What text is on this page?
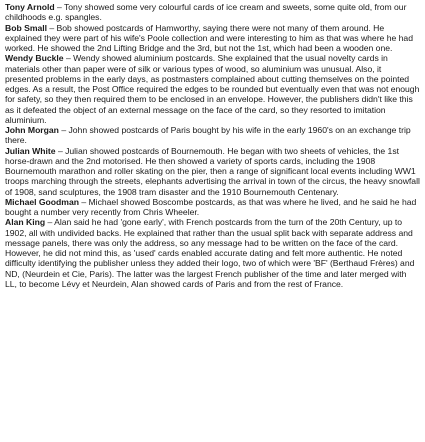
Tony Arnold – Tony showed some very colourful cards of ice cream and sweets, some quite old, from our childhoods e.g. spangles.

Bob Small – Bob showed postcards of Hamworthy, saying there were not many of them around. He explained they were part of his wife's Poole collection and were interesting to him as that was where he had worked. He showed the 2nd Lifting Bridge and the 3rd, but not the 1st, which had been a wooden one.

Wendy Buckle – Wendy showed aluminium postcards. She explained that the usual novelty cards in materials other than paper were of silk or various types of wood, so aluminium was unusual. Also, it presented problems in the early days, as postmasters complained about cutting themselves on the pointed edges. As a result, the Post Office required the edges to be rounded but eventually even that was not enough for safety, so they then required them to be enclosed in an envelope. However, the publishers didn't like this as it defeated the object of an external message on the face of the card, so they resorted to imitation aluminium.

John Morgan – John showed postcards of Paris bought by his wife in the early 1960's on an exchange trip there.

Julian White – Julian showed postcards of Bournemouth. He began with two sheets of vehicles, the 1st horse-drawn and the 2nd motorised. He then showed a variety of sports cards, including the 1908 Bournemouth marathon and roller skating on the pier, then a range of significant local events including WW1 troops marching through the streets, elephants advertising the arrival in town of the circus, the heavy snowfall of 1908, sand sculptures, the 1908 tram disaster and the 1910 Bournemouth Centenary.

Michael Goodman – Michael showed Boscombe postcards, as that was where he lived, and he said he had bought a number very recently from Chris Wheeler.

Alan King – Alan said he had 'gone early', with French postcards from the turn of the 20th Century, up to 1902, all with undivided backs. He explained that rather than the usual split back with separate address and message panels, there was only the address, so any message had to be written on the face of the card. However, he did not mind this, as 'used' cards enabled accurate dating and felt more authentic. He noted difficulty identifying the publisher unless they added their logo, two of which were 'BF' (Berthaud Frères) and ND, (Neurdein et Cie, Paris). The latter was the largest French publisher of the time and later merged with LL, to become Lévy et Neurdein, Alan showed cards of Paris and from the rest of France.
